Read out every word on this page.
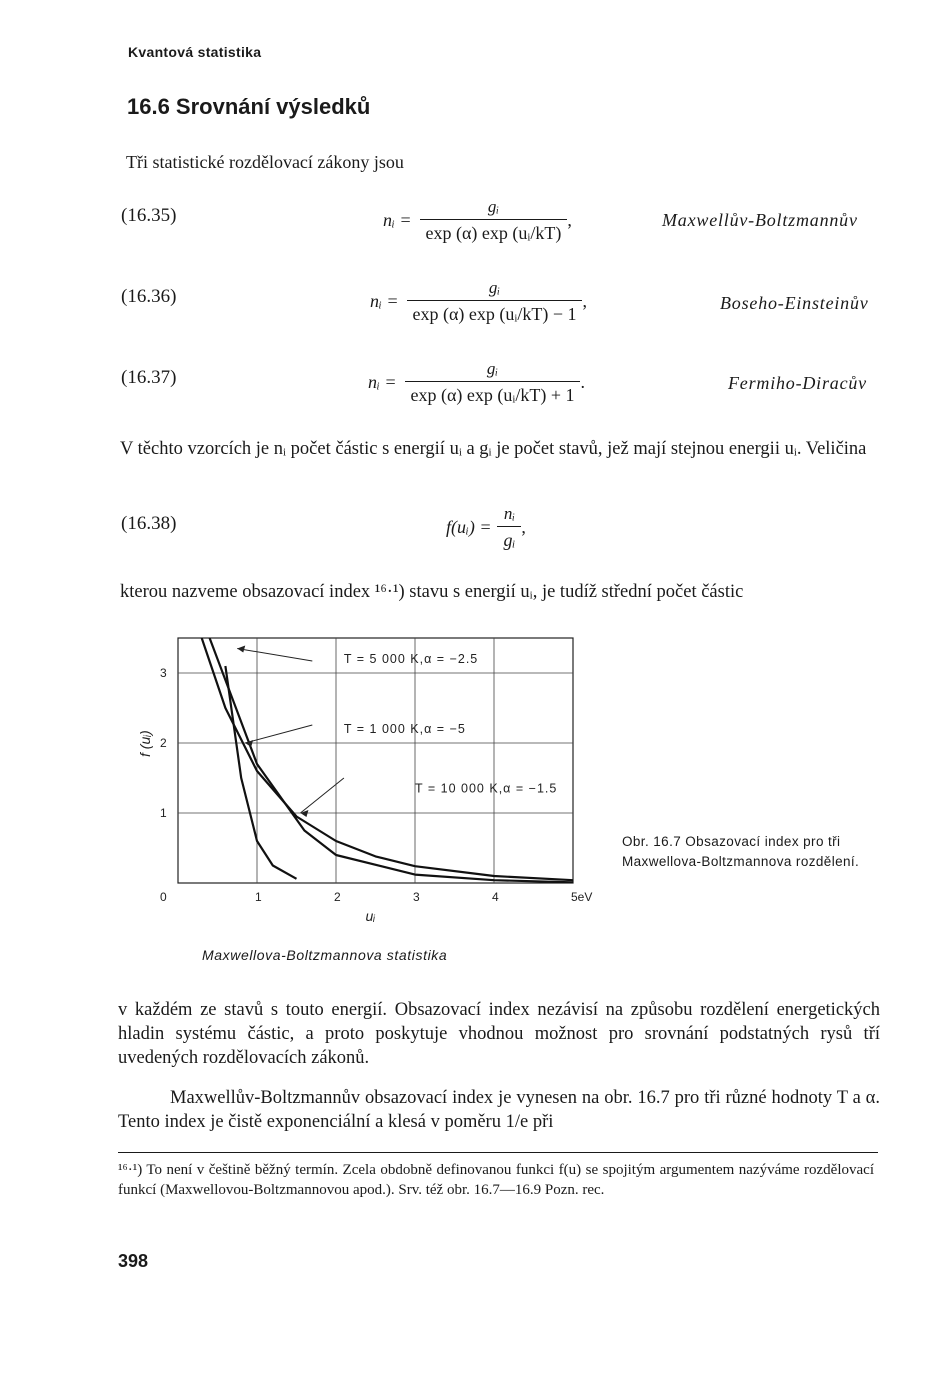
Kvantová statistika
16.6 Srovnání výsledků
Tři statistické rozdělovací zákony jsou
(16.35)	nᵢ = $\frac{\text{gᵢ}}{\text{exp (α) exp (uᵢ/kT)}}$ ,	Maxwellův-Boltzmannův
(16.36)	nᵢ = $\frac{\text{gᵢ}}{\text{exp (α) exp (uᵢ/kT) − 1}}$ ,	Boseho-Einsteinův
(16.37)	nᵢ = $\frac{\text{gᵢ}}{\text{exp (α) exp (uᵢ/kT) + 1}}$ .	Fermiho-Diracův

V těchto vzorcích je nᵢ počet částic s energií uᵢ a gᵢ je počet stavů, jež mají stejnou energii uᵢ. Veličina

(16.38)	f(uᵢ) = $\frac{\text{nᵢ}}{\text{gᵢ}}$ ,

kterou nazveme obsazovací index ¹⁶·¹) stavu s energií uᵢ, je tudíž střední počet částic

0	1	2	3	4	5eV
1
2
3
uᵢ
f (uᵢ)
T = 5 000 K,α = −2.5
T = 1 000 K,α = −5
T = 10 000 K,α = −1.5
Obr. 16.7 Obsazovací index pro tři Maxwellova-Boltzmannova rozdělení.
Maxwellova-Boltzmannova statistika

v každém ze stavů s touto energií. Obsazovací index nezávisí na způsobu rozdělení energetických hladin systému částic, a proto poskytuje vhodnou možnost pro srovnání podstatných rysů tří uvedených rozdělovacích zákonů.

Maxwellův-Boltzmannův obsazovací index je vynesen na obr. 16.7 pro tři různé hodnoty T a α. Tento index je čistě exponenciální a klesá v poměru 1/e při

¹⁶·¹) To není v češtině běžný termín. Zcela obdobně definovanou funkci f(u) se spojitým argumentem nazýváme rozdělovací funkcí (Maxwellovou-Boltzmannovou apod.). Srv. též obr. 16.7—16.9 Pozn. rec.
398
